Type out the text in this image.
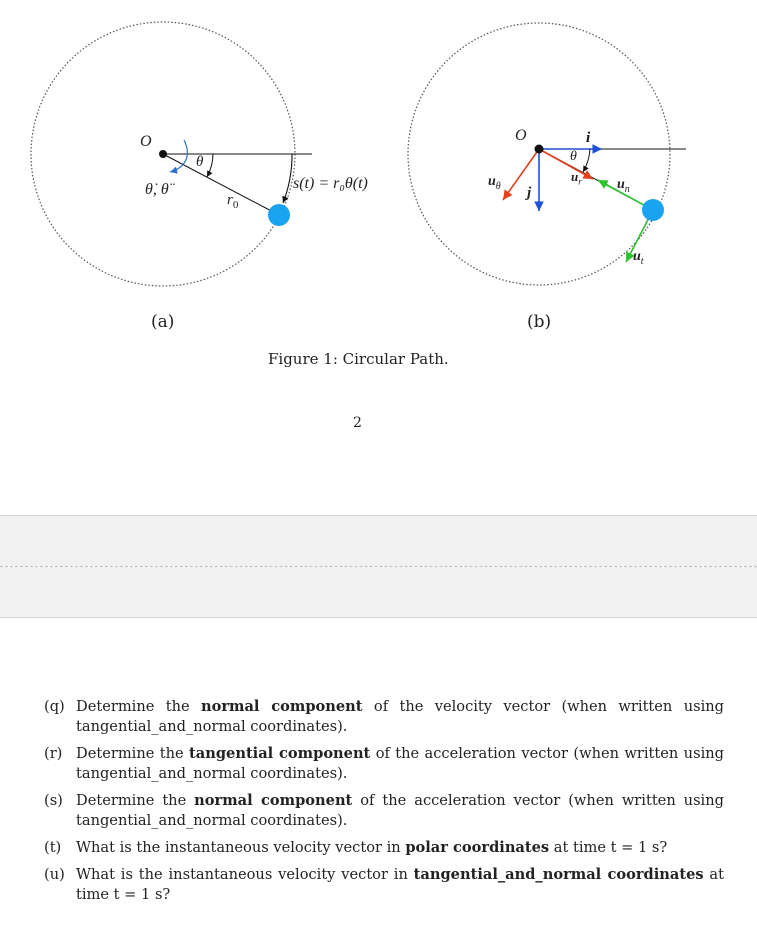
O
θ
θ̇, θ̈
$r_0$
s(t) = r₀θ(t)
(a)
O	i
j
θ
$u_r$
$u_\theta$	$u_n$
$u_t$
(b)
Figure 1: Circular Path.
2
(q) Determine the normal component of the velocity vector (when written using tangential_and_normal coordinates).
(r) Determine the tangential component of the acceleration vector (when written using tangential_and_normal coordinates).
(s) Determine the normal component of the acceleration vector (when written using tangential_and_normal coordinates).
(t) What is the instantaneous velocity vector in polar coordinates at time t = 1 s?
(u) What is the instantaneous velocity vector in tangential_and_normal coordinates at time t = 1 s?
